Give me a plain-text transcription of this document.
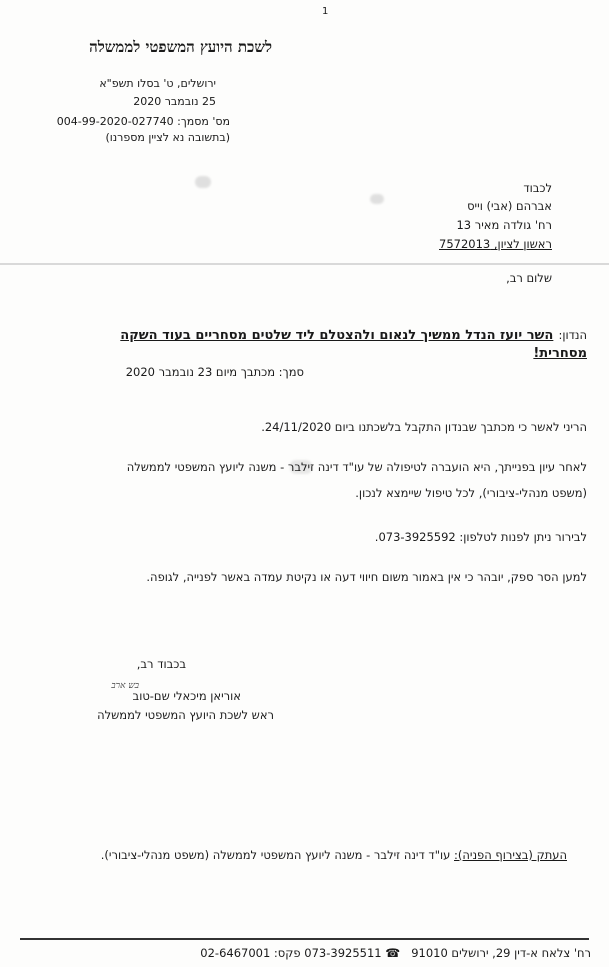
1
לשכת היועץ המשפטי לממשלה
ירושלים, ט' בסלו תשפ"א
25 נובמבר 2020
מס' מסמך: 004-99-2020-027740
(בתשובה נא לציין מספרנו)
לכבוד
אברהם (אבי) וייס
רח' גולדה מאיר 13
ראשון לציון, 7572013
שלום רב,
הנדון: השר יועז הנדל ממשיך לנאום ולהצטלם ליד שלטים מסחריים בעוד השקה
מסחרית!
סמך: מכתבך מיום 23 נובמבר 2020
הריני לאשר כי מכתבך שבנדון התקבל בלשכתנו ביום 24/11/2020.
לאחר עיון בפנייתך, היא הועברה לטיפולה של עו"ד דינה זילבר - משנה ליועץ המשפטי לממשלה
(משפט מנהלי-ציבורי), לכל טיפול שיימצא לנכון.
לבירור ניתן לפנות לטלפון: 073-3925592.
למען הסר ספק, יובהר כי אין באמור משום חיווי דעה או נקיטת עמדה באשר לפנייה, לגופה.
בכבוד רב,
בש ארב
אוריאן מיכאלי שם-טוב
ראש לשכת היועץ המשפטי לממשלה
העתק (בצירוף הפניה): עו"ד דינה זילבר - משנה ליועץ המשפטי לממשלה (משפט מנהלי-ציבורי).
רח' צלאח א-דין 29, ירושלים 91010   ☎ 073-3925511 פקס: 02-6467001
